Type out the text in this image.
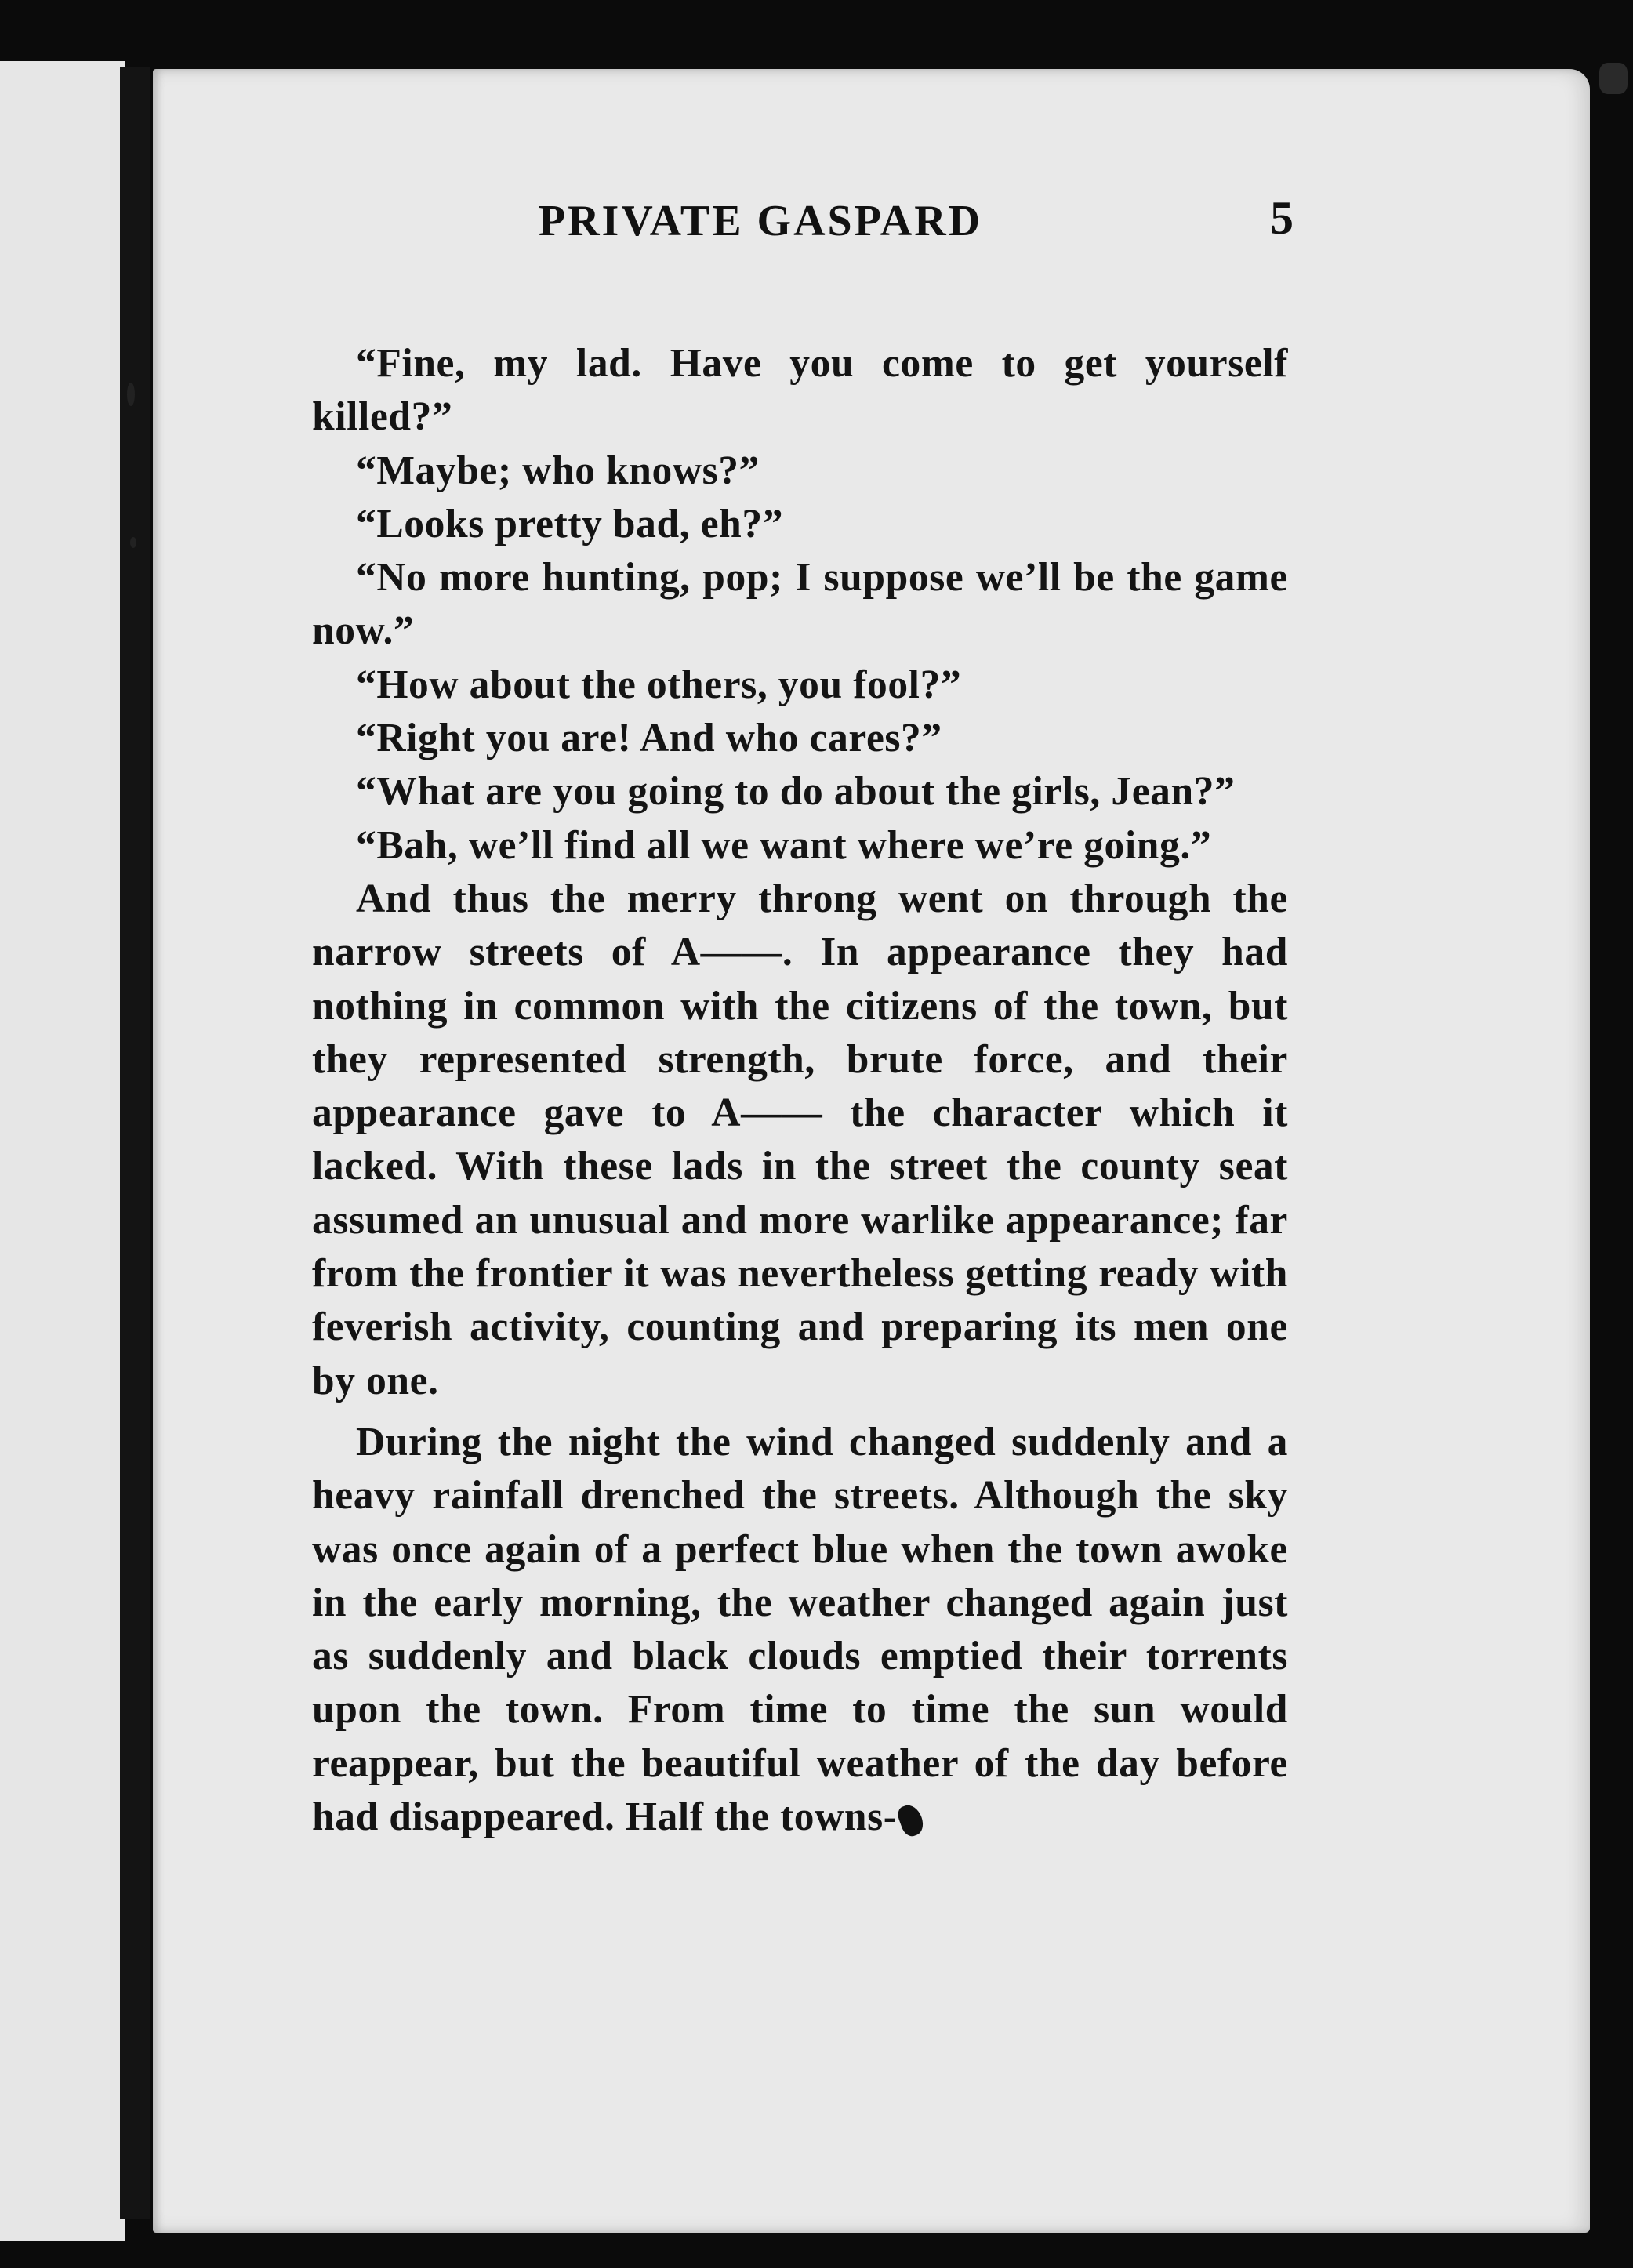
PRIVATE GASPARD	5

“Fine, my lad. Have you come to get yourself killed?”

“Maybe; who knows?”

“Looks pretty bad, eh?”

“No more hunting, pop; I suppose we’ll be the game now.”

“How about the others, you fool?”

“Right you are! And who cares?”

“What are you going to do about the girls, Jean?”

“Bah, we’ll find all we want where we’re going.”

And thus the merry throng went on through the narrow streets of A——. In appearance they had nothing in common with the citizens of the town, but they represented strength, brute force, and their appearance gave to A—— the character which it lacked. With these lads in the street the county seat assumed an unusual and more warlike appearance; far from the frontier it was nevertheless getting ready with feverish activity, counting and preparing its men one by one.

During the night the wind changed suddenly and a heavy rainfall drenched the streets. Although the sky was once again of a perfect blue when the town awoke in the early morning, the weather changed again just as suddenly and black clouds emptied their torrents upon the town. From time to time the sun would reappear, but the beautiful weather of the day before had disappeared. Half the towns-
